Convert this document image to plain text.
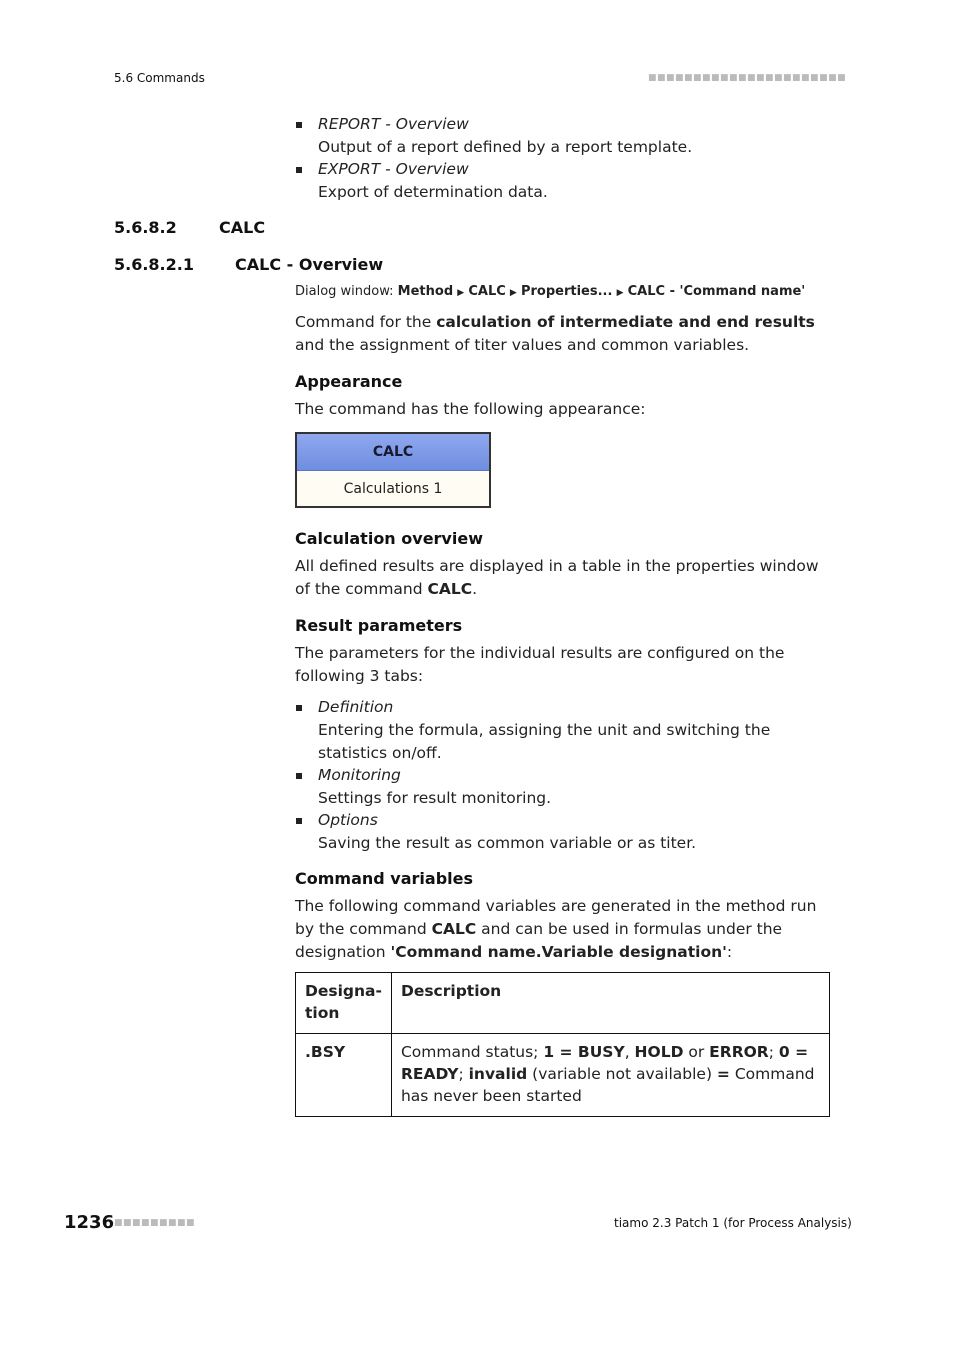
5.6 Commands	■■■■■■■■■■■■■■■■■■■■■■
REPORT - Overview
Output of a report defined by a report template.
EXPORT - Overview
Export of determination data.
5.6.8.2	CALC
5.6.8.2.1	CALC - Overview
Dialog window: Method ▶ CALC ▶ Properties... ▶ CALC - 'Command name'
Command for the calculation of intermediate and end results and the assignment of titer values and common variables.
Appearance
The command has the following appearance:
CALC
Calculations 1
Calculation overview
All defined results are displayed in a table in the properties window of the command CALC.
Result parameters
The parameters for the individual results are configured on the following 3 tabs:
Definition
Entering the formula, assigning the unit and switching the statistics on/off.
Monitoring
Settings for result monitoring.
Options
Saving the result as common variable or as titer.
Command variables
The following command variables are generated in the method run by the command CALC and can be used in formulas under the designation 'Command name.Variable designation':
Designa-
tion	Description
.BSY	Command status; 1 = BUSY, HOLD or ERROR; 0 = READY; invalid (variable not available) = Command has never been started
1236 ■■■■■■■■■	tiamo 2.3 Patch 1 (for Process Analysis)
